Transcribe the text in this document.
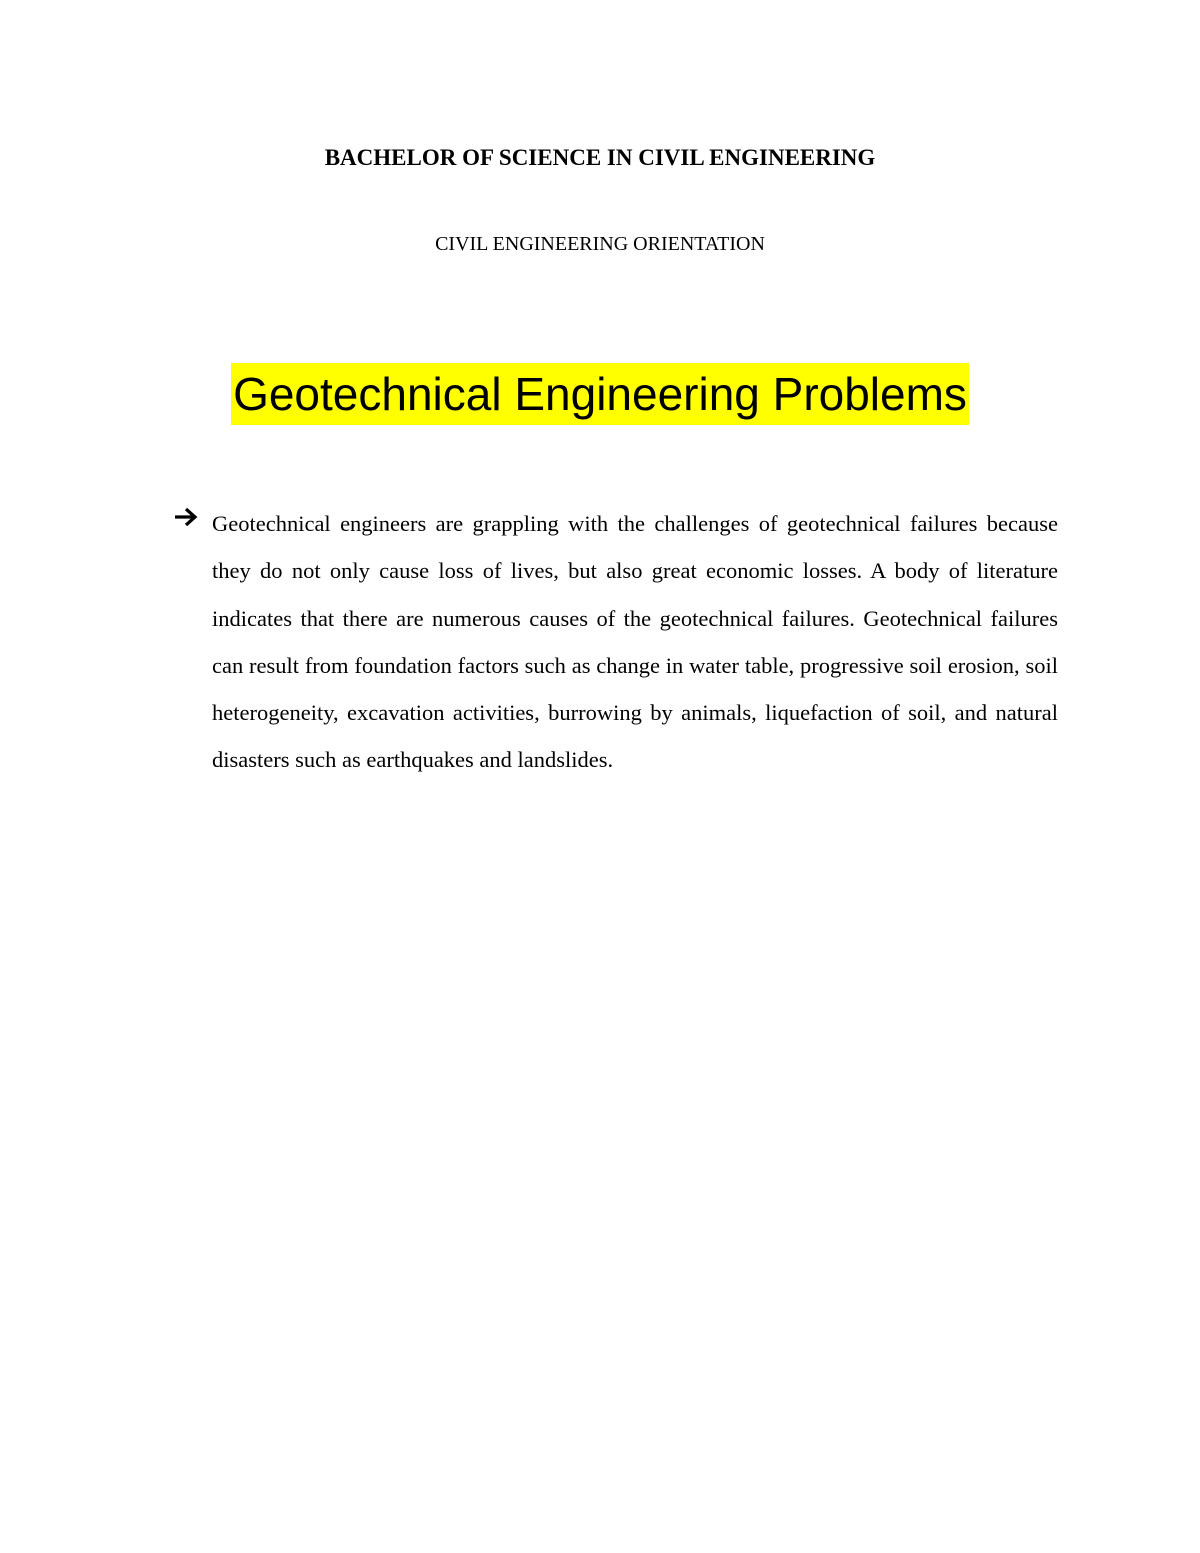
BACHELOR OF SCIENCE IN CIVIL ENGINEERING

CIVIL ENGINEERING ORIENTATION

Geotechnical Engineering Problems

Geotechnical engineers are grappling with the challenges of geotechnical failures because they do not only cause loss of lives, but also great economic losses. A body of literature indicates that there are numerous causes of the geotechnical failures. Geotechnical failures can result from foundation factors such as change in water table, progressive soil erosion, soil heterogeneity, excavation activities, burrowing by animals, liquefaction of soil, and natural disasters such as earthquakes and landslides.
